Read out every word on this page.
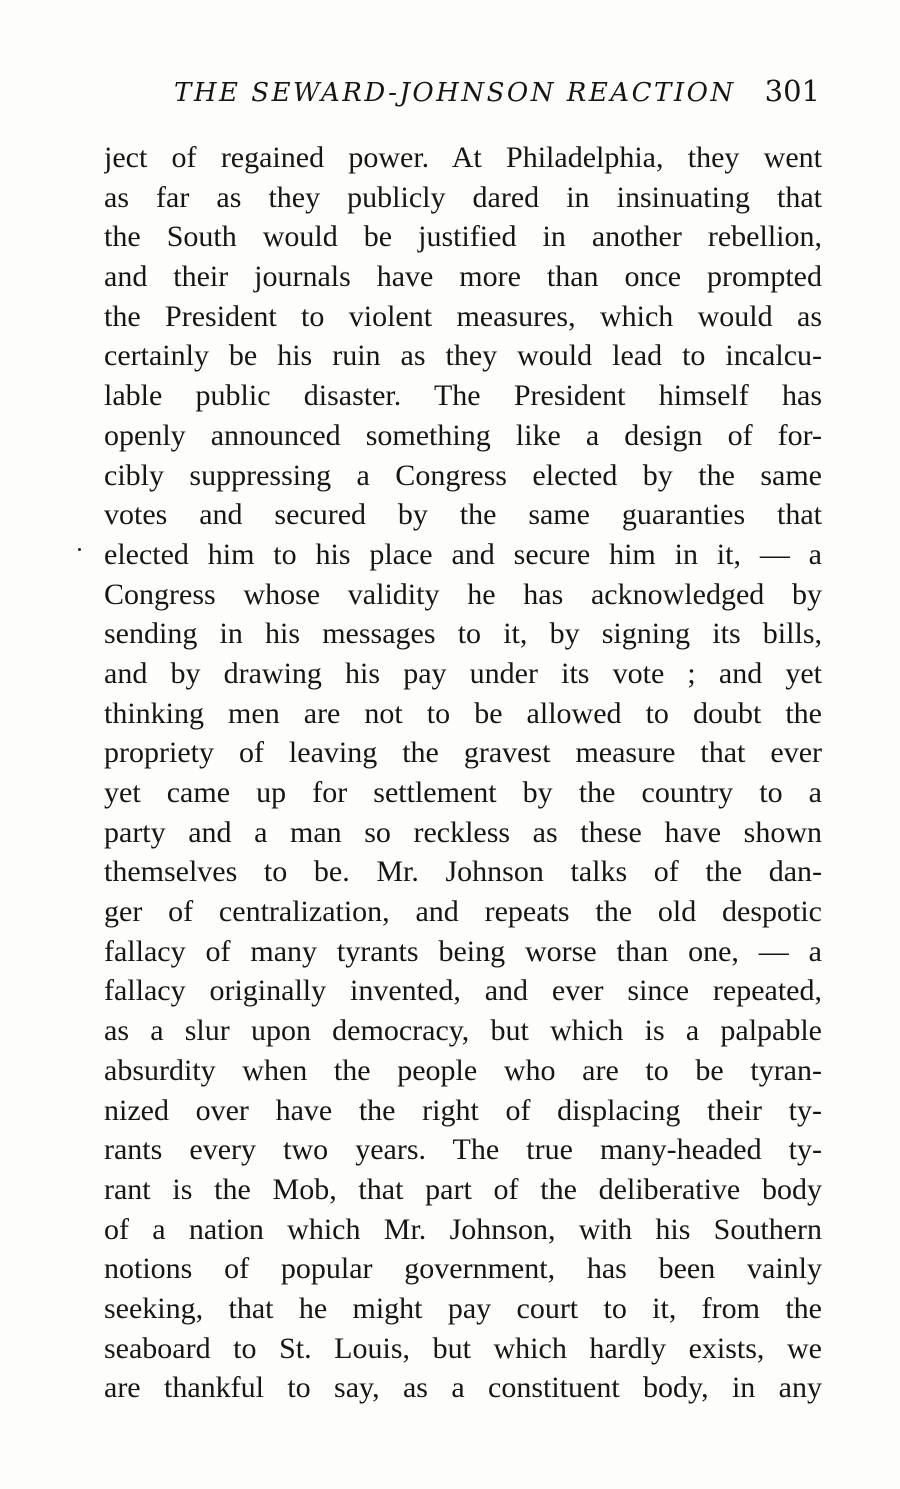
THE SEWARD-JOHNSON REACTION 301
ject of regained power. At Philadelphia, they went
as far as they publicly dared in insinuating that
the South would be justified in another rebellion,
and their journals have more than once prompted
the President to violent measures, which would as
certainly be his ruin as they would lead to incalcu-
lable public disaster. The President himself has
openly announced something like a design of for-
cibly suppressing a Congress elected by the same
votes and secured by the same guaranties that
elected him to his place and secure him in it, — a
Congress whose validity he has acknowledged by
sending in his messages to it, by signing its bills,
and by drawing his pay under its vote ; and yet
thinking men are not to be allowed to doubt the
propriety of leaving the gravest measure that ever
yet came up for settlement by the country to a
party and a man so reckless as these have shown
themselves to be. Mr. Johnson talks of the dan-
ger of centralization, and repeats the old despotic
fallacy of many tyrants being worse than one, — a
fallacy originally invented, and ever since repeated,
as a slur upon democracy, but which is a palpable
absurdity when the people who are to be tyran-
nized over have the right of displacing their ty-
rants every two years. The true many-headed ty-
rant is the Mob, that part of the deliberative body
of a nation which Mr. Johnson, with his Southern
notions of popular government, has been vainly
seeking, that he might pay court to it, from the
seaboard to St. Louis, but which hardly exists, we
are thankful to say, as a constituent body, in any
